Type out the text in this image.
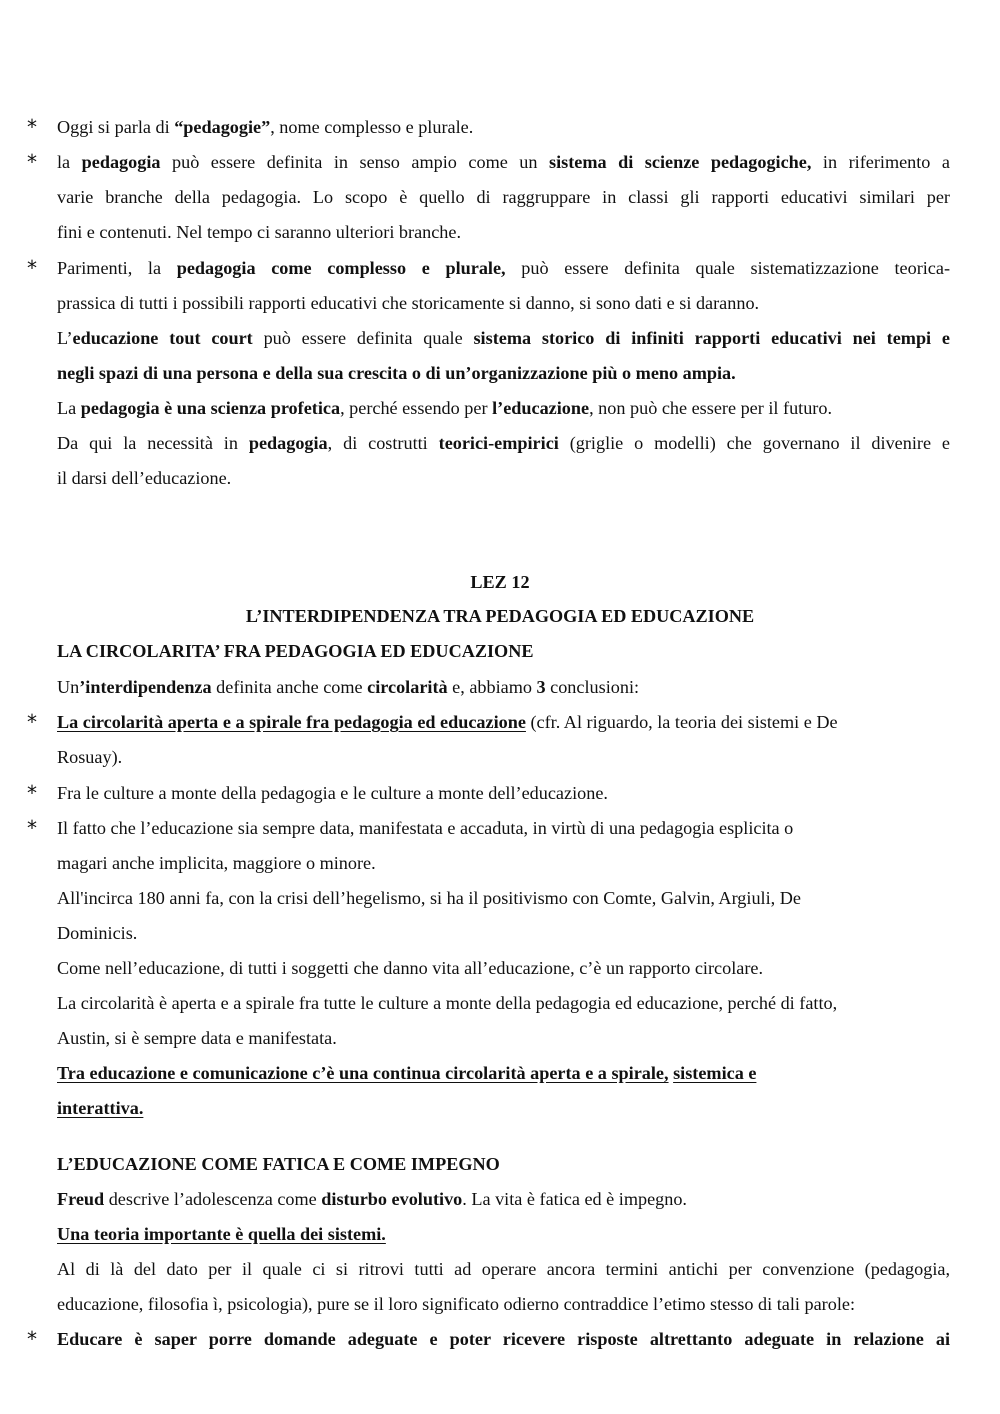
*	Oggi si parla di “pedagogie”, nome complesso e plurale.
*	la pedagogia può essere definita in senso ampio come un sistema di scienze pedagogiche, in riferimento a
varie branche della pedagogia. Lo scopo è quello di raggruppare in classi gli rapporti educativi similari per
fini e contenuti. Nel tempo ci saranno ulteriori branche.
*	Parimenti, la pedagogia come complesso e plurale, può essere definita quale sistematizzazione teorica-
prassica di tutti i possibili rapporti educativi che storicamente si danno, si sono dati e si daranno.
L’educazione tout court può essere definita quale sistema storico di infiniti rapporti educativi nei tempi e
negli spazi di una persona e della sua crescita o di un’organizzazione più o meno ampia.
La pedagogia è una scienza profetica, perché essendo per l’educazione, non può che essere per il futuro.
Da qui la necessità in pedagogia, di costrutti teorici-empirici (griglie o modelli) che governano il divenire e
il darsi dell’educazione.
LEZ 12
L’INTERDIPENDENZA TRA PEDAGOGIA ED EDUCAZIONE
LA CIRCOLARITA’ FRA PEDAGOGIA ED EDUCAZIONE
Un’interdipendenza definita anche come circolarità e, abbiamo 3 conclusioni:
*	La circolarità aperta e a spirale fra pedagogia ed educazione (cfr. Al riguardo, la teoria dei sistemi e De
Rosuay).
*	Fra le culture a monte della pedagogia e le culture a monte dell’educazione.
*	Il fatto che l’educazione sia sempre data, manifestata e accaduta, in virtù di una pedagogia esplicita o
magari anche implicita, maggiore o minore.
All'incirca 180 anni fa, con la crisi dell’hegelismo, si ha il positivismo con Comte, Galvin, Argiuli, De
Dominicis.
Come nell’educazione, di tutti i soggetti che danno vita all’educazione, c’è un rapporto circolare.
La circolarità è aperta e a spirale fra tutte le culture a monte della pedagogia ed educazione, perché di fatto,
Austin, si è sempre data e manifestata.
Tra educazione e comunicazione c’è una continua circolarità aperta e a spirale, sistemica e
interattiva.
L’EDUCAZIONE COME FATICA E COME IMPEGNO
Freud descrive l’adolescenza come disturbo evolutivo. La vita è fatica ed è impegno.
Una teoria importante è quella dei sistemi.
Al di là del dato per il quale ci si ritrovi tutti ad operare ancora termini antichi per convenzione (pedagogia,
educazione, filosofia ì, psicologia), pure se il loro significato odierno contraddice l’etimo stesso di tali parole:
*	Educare è saper porre domande adeguate e poter ricevere risposte altrettanto adeguate in relazione ai
